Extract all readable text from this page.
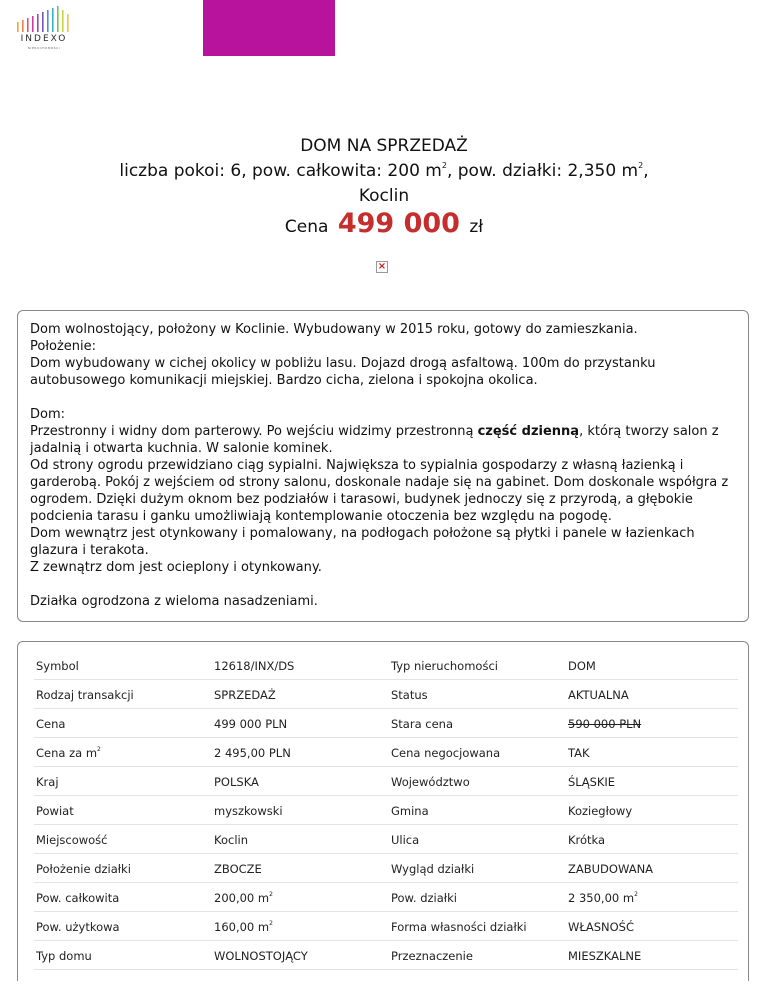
INDEXO
NIERUCHOMOŚCI
DOM NA SPRZEDAŻ
liczba pokoi: 6, pow. całkowita: 200 $m^2$, pow. działki: 2,350 $m^2$,
Koclin
Cena 499 000 zł
×

Dom wolnostojący, położony w Koclinie. Wybudowany w 2015 roku, gotowy do zamieszkania.

Położenie:

Dom wybudowany w cichej okolicy w pobliżu lasu. Dojazd drogą asfaltową. 100m do przystanku autobusowego komunikacji miejskiej. Bardzo cicha, zielona i spokojna okolica.

Dom:

Przestronny i widny dom parterowy. Po wejściu widzimy przestronną część dzienną, którą tworzy salon z jadalnią i otwarta kuchnia. W salonie kominek.

Od strony ogrodu przewidziano ciąg sypialni. Największa to sypialnia gospodarzy z własną łazienką i garderobą. Pokój z wejściem od strony salonu, doskonale nadaje się na gabinet. Dom doskonale współgra z ogrodem. Dzięki dużym oknom bez podziałów i tarasowi, budynek jednoczy się z przyrodą, a głębokie podcienia tarasu i ganku umożliwiają kontemplowanie otoczenia bez względu na pogodę.

Dom wewnątrz jest otynkowany i pomalowany, na podłogach położone są płytki i panele w łazienkach glazura i terakota.

Z zewnątrz dom jest ocieplony i otynkowany.

Działka ogrodzona z wieloma nasadzeniami.

Symbol	12618/INX/DS	Typ nieruchomości	DOM
Rodzaj transakcji	SPRZEDAŻ	Status	AKTUALNA
Cena	499 000 PLN	Stara cena	590 000 PLN
Cena za $m^2$	2 495,00 PLN	Cena negocjowana	TAK
Kraj	POLSKA	Województwo	ŚLĄSKIE
Powiat	myszkowski	Gmina	Koziegłowy
Miejscowość	Koclin	Ulica	Krótka
Położenie działki	ZBOCZE	Wygląd działki	ZABUDOWANA
Pow. całkowita	200,00 $m^2$	Pow. działki	2 350,00 $m^2$
Pow. użytkowa	160,00 $m^2$	Forma własności działki	WŁASNOŚĆ
Typ domu	WOLNOSTOJĄCY	Przeznaczenie	MIESZKALNE
